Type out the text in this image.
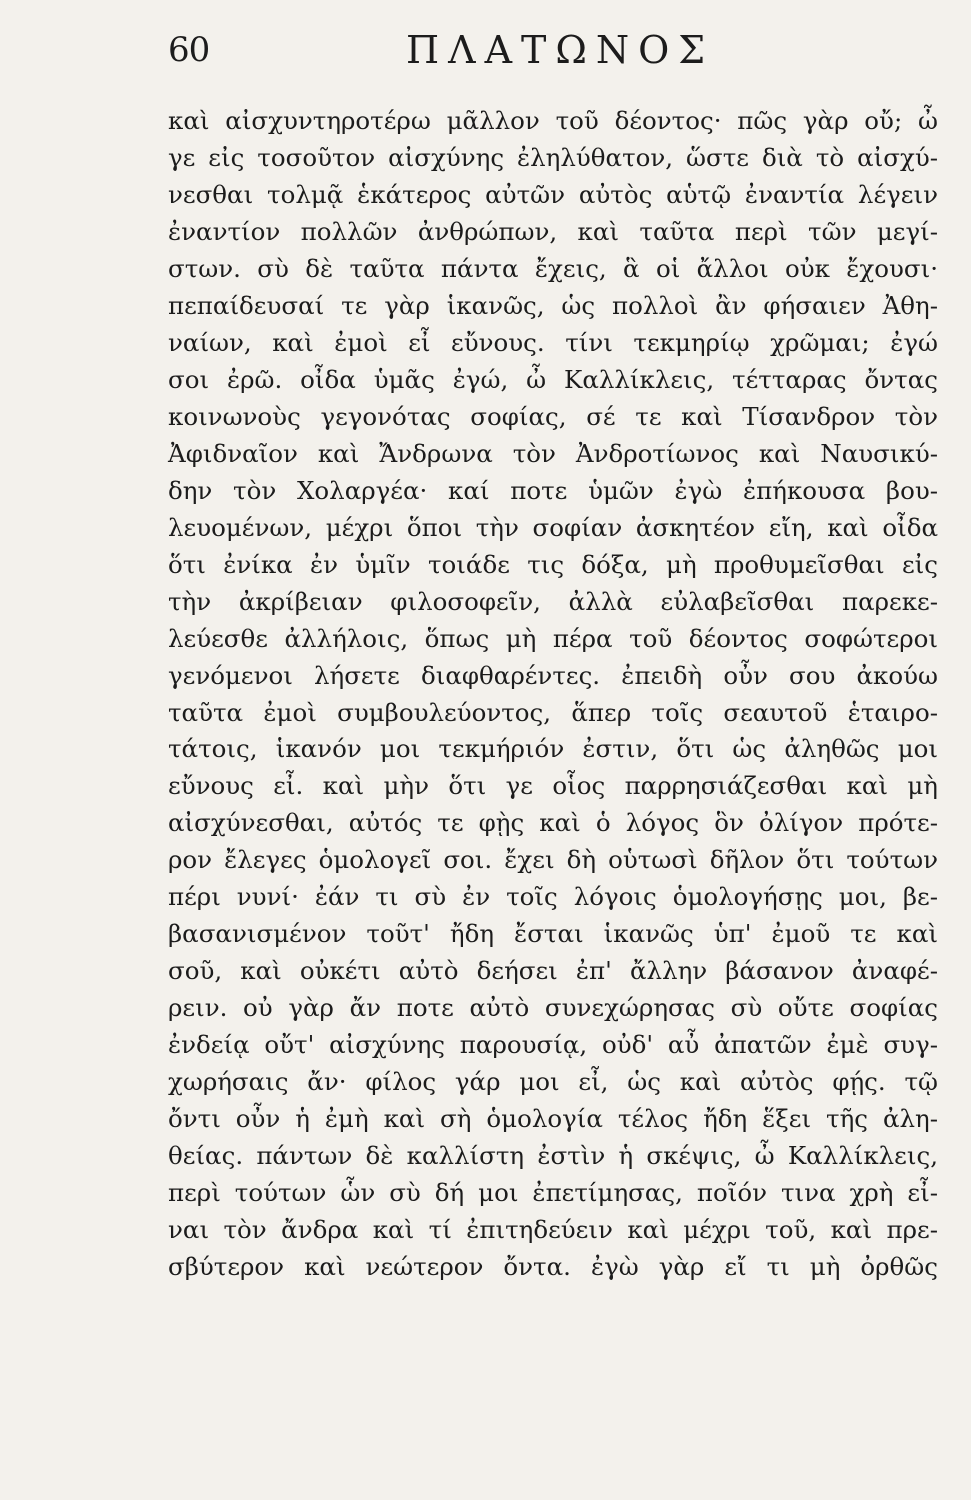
60	ΠΛΑΤΩΝΟΣ
καὶ αἰσχυντηροτέρω μᾶλλον τοῦ δέοντος· πῶς γὰρ οὔ; ὦ
γε εἰς τοσοῦτον αἰσχύνης ἐληλύθατον, ὥστε διὰ τὸ αἰσχύ-
νεσθαι τολμᾷ ἑκάτερος αὐτῶν αὐτὸς αὑτῷ ἐναντία λέγειν
ἐναντίον πολλῶν ἀνθρώπων, καὶ ταῦτα περὶ τῶν μεγί-
στων. σὺ δὲ ταῦτα πάντα ἔχεις, ἃ οἱ ἄλλοι οὐκ ἔχουσι·
πεπαίδευσαί τε γὰρ ἱκανῶς, ὡς πολλοὶ ἂν φήσαιεν Ἀθη-
ναίων, καὶ ἐμοὶ εἶ εὔνους. τίνι τεκμηρίῳ χρῶμαι; ἐγώ
σοι ἐρῶ. οἶδα ὑμᾶς ἐγώ, ὦ Καλλίκλεις, τέτταρας ὄντας
κοινωνοὺς γεγονότας σοφίας, σέ τε καὶ Τίσανδρον τὸν
Ἀφιδναῖον καὶ Ἄνδρωνα τὸν Ἀνδροτίωνος καὶ Ναυσικύ-
δην τὸν Χολαργέα· καί ποτε ὑμῶν ἐγὼ ἐπήκουσα βου-
λευομένων, μέχρι ὅποι τὴν σοφίαν ἀσκητέον εἴη, καὶ οἶδα
ὅτι ἐνίκα ἐν ὑμῖν τοιάδε τις δόξα, μὴ προθυμεῖσθαι εἰς
τὴν ἀκρίβειαν φιλοσοφεῖν, ἀλλὰ εὐλαβεῖσθαι παρεκε-
λεύεσθε ἀλλήλοις, ὅπως μὴ πέρα τοῦ δέοντος σοφώτεροι
γενόμενοι λήσετε διαφθαρέντες. ἐπειδὴ οὖν σου ἀκούω
ταῦτα ἐμοὶ συμβουλεύοντος, ἅπερ τοῖς σεαυτοῦ ἑταιρο-
τάτοις, ἱκανόν μοι τεκμήριόν ἐστιν, ὅτι ὡς ἀληθῶς μοι
εὔνους εἶ. καὶ μὴν ὅτι γε οἷος παρρησιάζεσθαι καὶ μὴ
αἰσχύνεσθαι, αὐτός τε φῂς καὶ ὁ λόγος ὃν ὀλίγον πρότε-
ρον ἔλεγες ὁμολογεῖ σοι. ἔχει δὴ οὑτωσὶ δῆλον ὅτι τούτων
πέρι νυνί· ἐάν τι σὺ ἐν τοῖς λόγοις ὁμολογήσῃς μοι, βε-
βασανισμένον τοῦτ' ἤδη ἔσται ἱκανῶς ὑπ' ἐμοῦ τε καὶ
σοῦ, καὶ οὐκέτι αὐτὸ δεήσει ἐπ' ἄλλην βάσανον ἀναφέ-
ρειν. οὐ γὰρ ἄν ποτε αὐτὸ συνεχώρησας σὺ οὔτε σοφίας
ἐνδείᾳ οὔτ' αἰσχύνης παρουσίᾳ, οὐδ' αὖ ἀπατῶν ἐμὲ συγ-
χωρήσαις ἄν· φίλος γάρ μοι εἶ, ὡς καὶ αὐτὸς φῄς. τῷ
ὄντι οὖν ἡ ἐμὴ καὶ σὴ ὁμολογία τέλος ἤδη ἕξει τῆς ἀλη-
θείας. πάντων δὲ καλλίστη ἐστὶν ἡ σκέψις, ὦ Καλλίκλεις,
περὶ τούτων ὧν σὺ δή μοι ἐπετίμησας, ποῖόν τινα χρὴ εἶ-
ναι τὸν ἄνδρα καὶ τί ἐπιτηδεύειν καὶ μέχρι τοῦ, καὶ πρε-
σβύτερον καὶ νεώτερον ὄντα. ἐγὼ γὰρ εἴ τι μὴ ὀρθῶς
